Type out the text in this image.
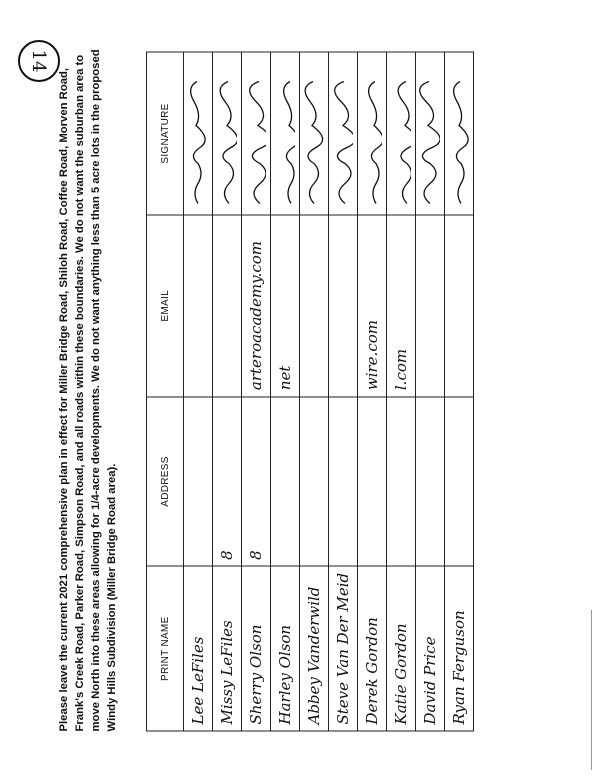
14
Please leave the current 2021 comprehensive plan in effect for Miller Bridge Road, Shiloh Road, Coffee Road, Morven Road, Frank's Creek Road, Parker Road, Simpson Road, and all roads within these boundaries. We do not want the suburban area to move North into these areas allowing for 1/4-acre developments. We do not want anything less than 5 acre lots in the proposed Windy Hills Subdivision (Miller Bridge Road area).	PRINT NAME	ADDRESS	EMAIL	SIGNATURE
Lee LeFiles			
Missy LeFiles	8		
Sherry Olson	8	arteroacademy.com	
Harley Olson		net	
Abbey Vanderwild			
Steve Van Der Meid			
Derek Gordon		wire.com	
Katie Gordon		l.com	
David Price			
Ryan Ferguson			
